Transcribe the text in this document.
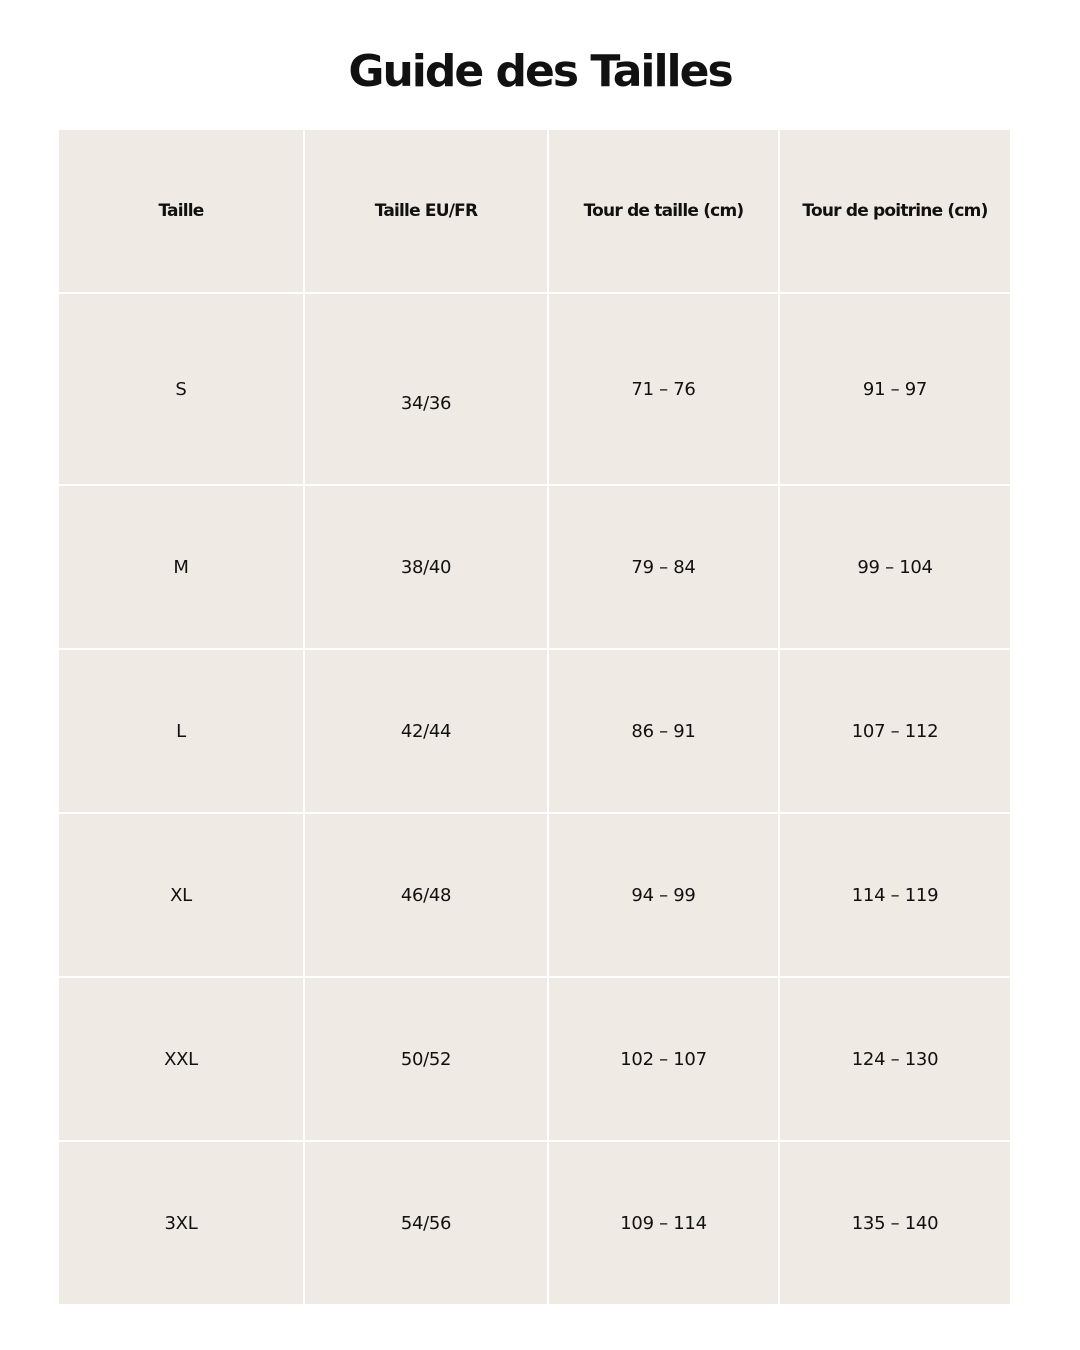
Guide des Tailles
Taille	Taille EU/FR	Tour de taille (cm)	Tour de poitrine (cm)
S	34/36	71 – 76	91 – 97
M	38/40	79 – 84	99 – 104
L	42/44	86 – 91	107 – 112
XL	46/48	94 – 99	114 – 119
XXL	50/52	102 – 107	124 – 130
3XL	54/56	109 – 114	135 – 140
